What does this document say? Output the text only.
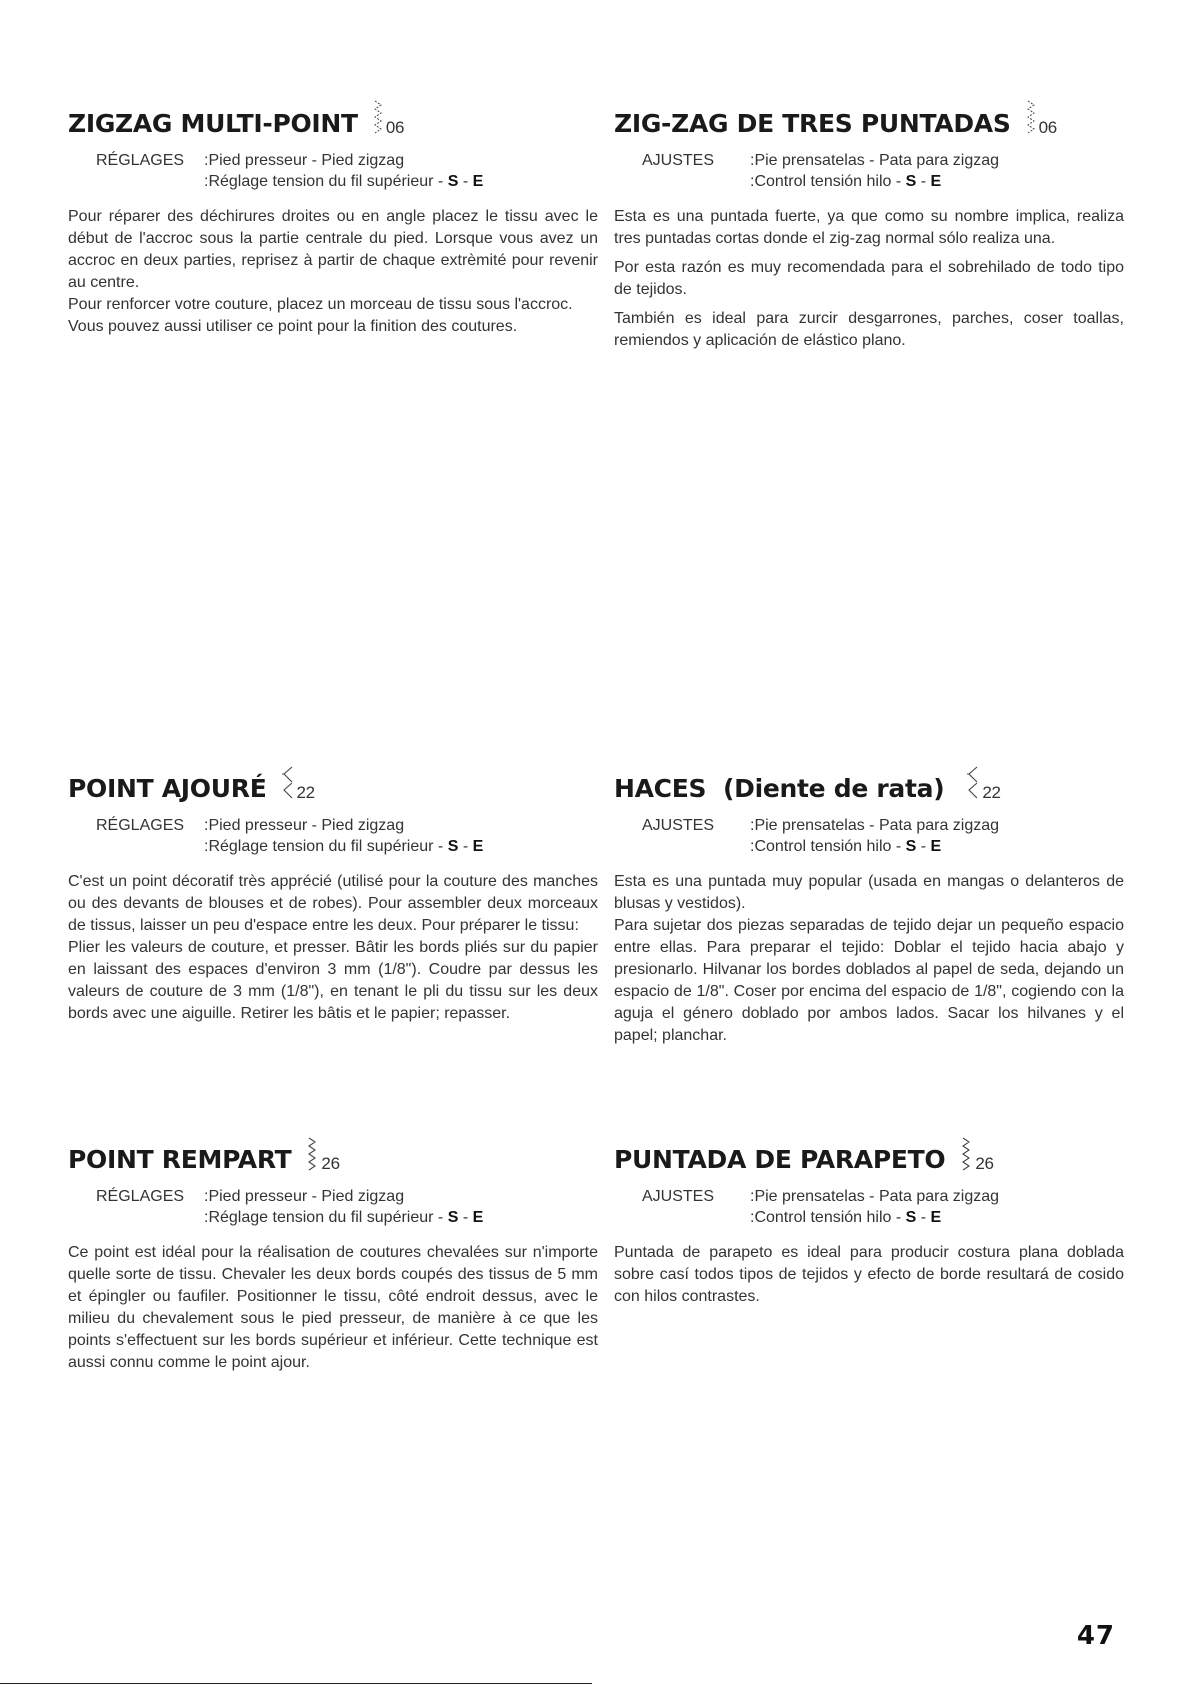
ZIGZAG MULTI-POINT 06
RÉGLAGES	:Pied presseur - Pied zigzag
:Réglage tension du fil supérieur - S - E

Pour réparer des déchirures droites ou en angle placez le tissu avec le début de l'accroc sous la partie centrale du pied. Lorsque vous avez un accroc en deux parties, reprisez à partir de chaque extrèmité pour revenir au centre.

Pour renforcer votre couture, placez un morceau de tissu sous l'accroc.

Vous pouvez aussi utiliser ce point pour la finition des coutures.

ZIG-ZAG DE TRES PUNTADAS 06
AJUSTES	:Pie prensatelas - Pata para zigzag
:Control tensión hilo - S - E

Esta es una puntada fuerte, ya que como su nombre implica, realiza tres puntadas cortas donde el zig-zag normal sólo realiza una.

Por esta razón es muy recomendada para el sobrehilado de todo tipo de tejidos.

También es ideal para zurcir desgarrones, parches, coser toallas, remiendos y aplicación de elástico plano.

POINT AJOURÉ 22
RÉGLAGES	:Pied presseur - Pied zigzag
:Réglage tension du fil supérieur - S - E

C'est un point décoratif très apprécié (utilisé pour la couture des manches ou des devants de blouses et de robes). Pour assembler deux morceaux de tissus, laisser un peu d'espace entre les deux. Pour préparer le tissu:

Plier les valeurs de couture, et presser. Bâtir les bords pliés sur du papier en laissant des espaces d'environ 3 mm (1/8"). Coudre par dessus les valeurs de couture de 3 mm (1/8"), en tenant le pli du tissu sur les deux bords avec une aiguille. Retirer les bâtis et le papier; repasser.

HACES  (Diente de rata) 22
AJUSTES	:Pie prensatelas - Pata para zigzag
:Control tensión hilo - S - E

Esta es una puntada muy popular (usada en mangas o delanteros de blusas y vestidos).

Para sujetar dos piezas separadas de tejido dejar un pequeño espacio entre ellas. Para preparar el tejido: Doblar el tejido hacia abajo y presionarlo. Hilvanar los bordes doblados al papel de seda, dejando un espacio de 1/8". Coser por encima del espacio de 1/8", cogiendo con la aguja el género doblado por ambos lados. Sacar los hilvanes y el papel; planchar.

POINT REMPART 26
RÉGLAGES	:Pied presseur - Pied zigzag
:Réglage tension du fil supérieur - S - E

Ce point est idéal pour la réalisation de coutures chevalées sur n'importe quelle sorte de tissu. Chevaler les deux bords coupés des tissus de 5 mm et épingler ou faufiler. Positionner le tissu, côté endroit dessus, avec le milieu du chevalement sous le pied presseur, de manière à ce que les points s'effectuent sur les bords supérieur et inférieur. Cette technique est aussi connu comme le point ajour.

PUNTADA DE PARAPETO 26
AJUSTES	:Pie prensatelas - Pata para zigzag
:Control tensión hilo - S - E

Puntada de parapeto es ideal para producir costura plana doblada sobre casí todos tipos de tejidos y efecto de borde resultará de cosido con hilos contrastes.

47
